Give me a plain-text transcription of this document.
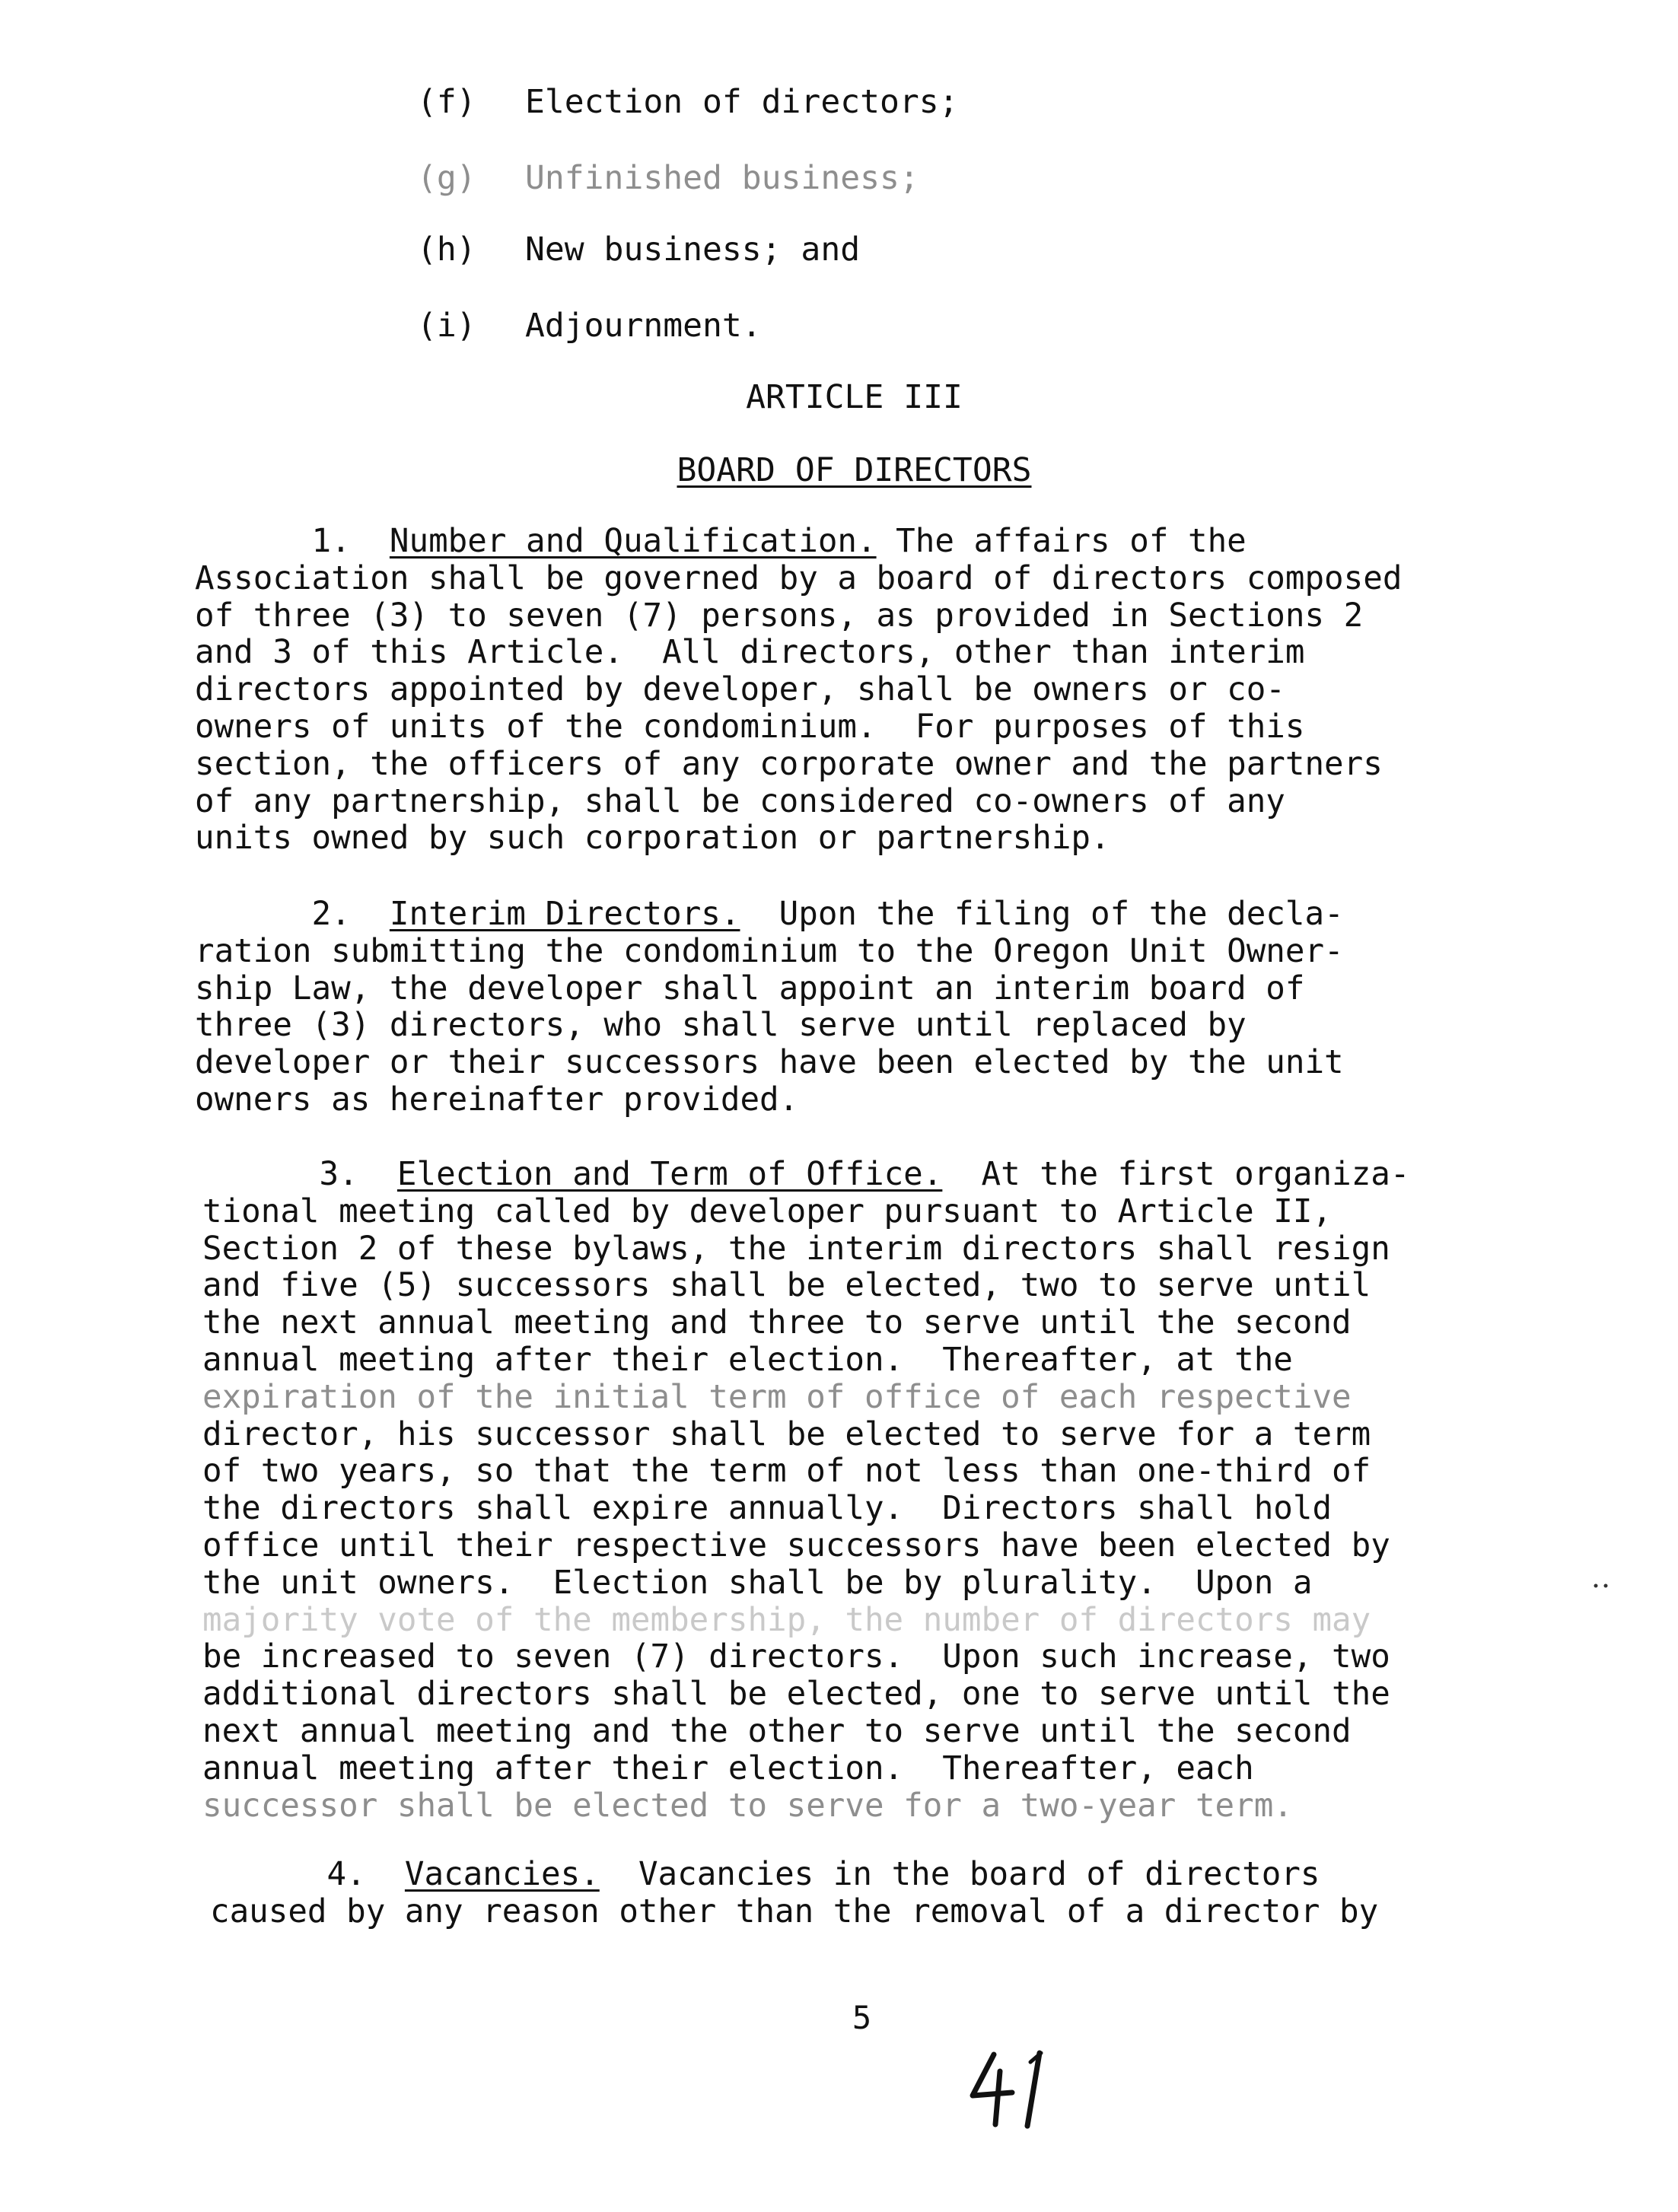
(f) Election of directors;
(g) Unfinished business;
(h) New business; and
(i) Adjournment.
ARTICLE III
BOARD OF DIRECTORS
1. Number and Qualification. The affairs of the
Association shall be governed by a board of directors composed
of three (3) to seven (7) persons, as provided in Sections 2
and 3 of this Article.  All directors, other than interim
directors appointed by developer, shall be owners or co-
owners of units of the condominium.  For purposes of this
section, the officers of any corporate owner and the partners
of any partnership, shall be considered co-owners of any
units owned by such corporation or partnership.
2. Interim Directors.  Upon the filing of the decla-
ration submitting the condominium to the Oregon Unit Owner-
ship Law, the developer shall appoint an interim board of
three (3) directors, who shall serve until replaced by
developer or their successors have been elected by the unit
owners as hereinafter provided.
3. Election and Term of Office.  At the first organiza-
tional meeting called by developer pursuant to Article II,
Section 2 of these bylaws, the interim directors shall resign
and five (5) successors shall be elected, two to serve until
the next annual meeting and three to serve until the second
annual meeting after their election.  Thereafter, at the
expiration of the initial term of office of each respective
director, his successor shall be elected to serve for a term
of two years, so that the term of not less than one-third of
the directors shall expire annually.  Directors shall hold
office until their respective successors have been elected by
the unit owners.  Election shall be by plurality.  Upon a
majority vote of the membership, the number of directors may
be increased to seven (7) directors.  Upon such increase, two
additional directors shall be elected, one to serve until the
next annual meeting and the other to serve until the second
annual meeting after their election.  Thereafter, each
successor shall be elected to serve for a two-year term.
4. Vacancies.  Vacancies in the board of directors
caused by any reason other than the removal of a director by
5
